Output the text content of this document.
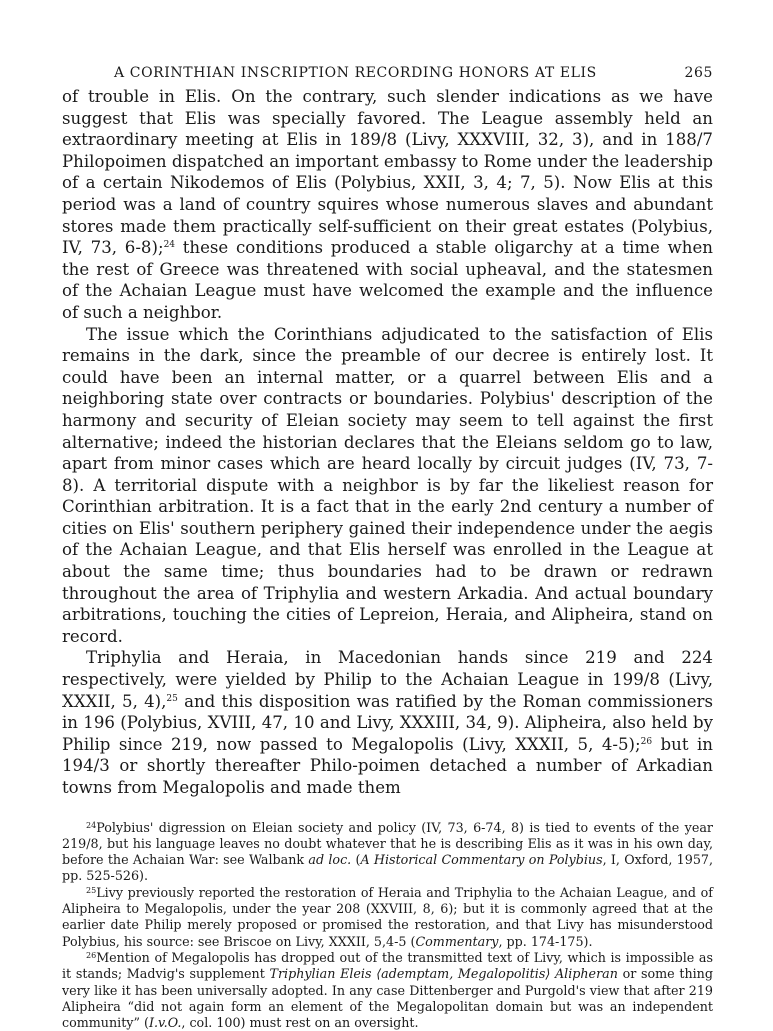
A CORINTHIAN INSCRIPTION RECORDING HONORS AT ELIS	265

of trouble in Elis. On the contrary, such slender indications as we have suggest that Elis was specially favored. The League assembly held an extraordinary meeting at Elis in 189/8 (Livy, XXXVIII, 32, 3), and in 188/7 Philopoimen dispatched an important embassy to Rome under the leadership of a certain Nikodemos of Elis (Polybius, XXII, 3, 4; 7, 5). Now Elis at this period was a land of country squires whose numerous slaves and abundant stores made them practically self-sufficient on their great estates (Polybius, IV, 73, 6-8);$^{24}$ these conditions produced a stable oligarchy at a time when the rest of Greece was threatened with social upheaval, and the statesmen of the Achaian League must have welcomed the example and the influence of such a neighbor.

The issue which the Corinthians adjudicated to the satisfaction of Elis remains in the dark, since the preamble of our decree is entirely lost. It could have been an internal matter, or a quarrel between Elis and a neighboring state over contracts or boundaries. Polybius' description of the harmony and security of Eleian society may seem to tell against the first alternative; indeed the historian declares that the Eleians seldom go to law, apart from minor cases which are heard locally by circuit judges (IV, 73, 7-8). A territorial dispute with a neighbor is by far the likeliest reason for Corinthian arbitration. It is a fact that in the early 2nd century a number of cities on Elis' southern periphery gained their independence under the aegis of the Achaian League, and that Elis herself was enrolled in the League at about the same time; thus boundaries had to be drawn or redrawn throughout the area of Triphylia and western Arkadia. And actual boundary arbitrations, touching the cities of Lepreion, Heraia, and Alipheira, stand on record.

Triphylia and Heraia, in Macedonian hands since 219 and 224 respectively, were yielded by Philip to the Achaian League in 199/8 (Livy, XXXII, 5, 4),$^{25}$ and this disposition was ratified by the Roman commissioners in 196 (Polybius, XVIII, 47, 10 and Livy, XXXIII, 34, 9). Alipheira, also held by Philip since 219, now passed to Megalopolis (Livy, XXXII, 5, 4-5);$^{26}$ but in 194/3 or shortly thereafter Philo-poimen detached a number of Arkadian towns from Megalopolis and made them

$^{24}$Polybius' digression on Eleian society and policy (IV, 73, 6-74, 8) is tied to events of the year 219/8, but his language leaves no doubt whatever that he is describing Elis as it was in his own day, before the Achaian War: see Walbank ad loc. (A Historical Commentary on Polybius, I, Oxford, 1957, pp. 525-526).

$^{25}$Livy previously reported the restoration of Heraia and Triphylia to the Achaian League, and of Alipheira to Megalopolis, under the year 208 (XXVIII, 8, 6); but it is commonly agreed that at the earlier date Philip merely proposed or promised the restoration, and that Livy has misunderstood Polybius, his source: see Briscoe on Livy, XXXII, 5,4-5 (Commentary, pp. 174-175).

$^{26}$Mention of Megalopolis has dropped out of the transmitted text of Livy, which is impossible as it stands; Madvig's supplement Triphylian Eleis ⟨ademptam, Megalopolitis⟩ Alipheran or some thing very like it has been universally adopted. In any case Dittenberger and Purgold's view that after 219 Alipheira “did not again form an element of the Megalopolitan domain but was an independent community” (I.v.O., col. 100) must rest on an oversight.
